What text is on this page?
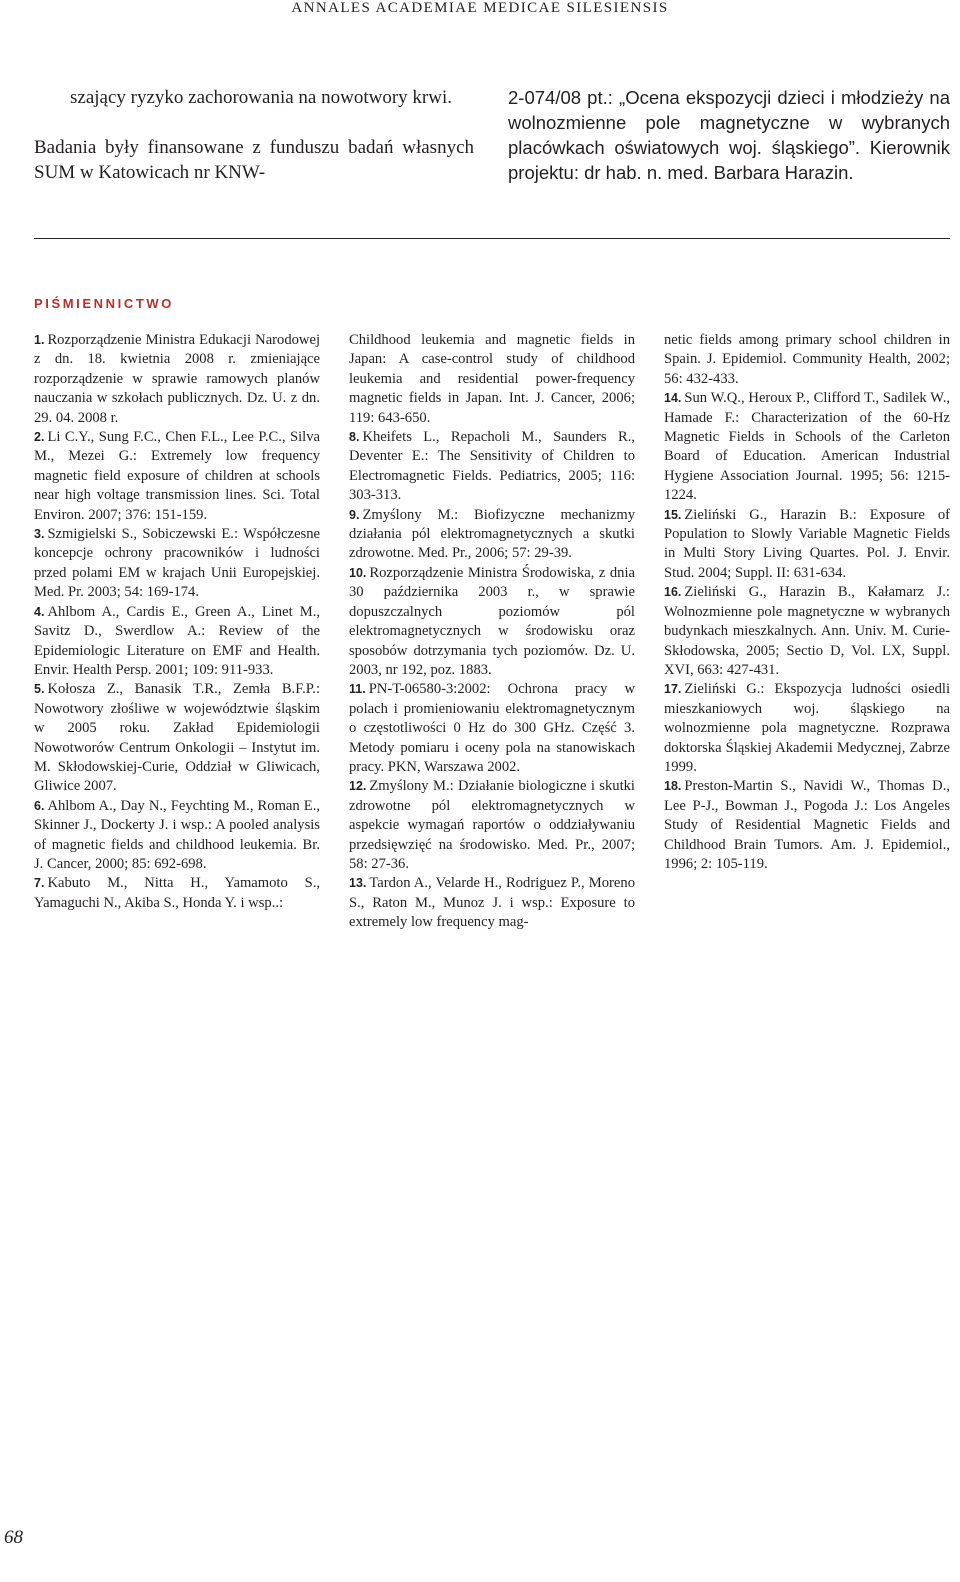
ANNALES ACADEMIAE MEDICAE SILESIENSIS

szający ryzyko zachorowania na nowotwory krwi.

Badania były finansowane z funduszu badań własnych SUM w Katowicach nr KNW-

2-074/08 pt.: „Ocena ekspozycji dzieci i młodzieży na wolnozmienne pole magnetyczne w wybranych placówkach oświatowych woj. śląskiego”. Kierownik projektu: dr hab. n. med. Barbara Harazin.

PIŚMIENNICTWO

1. Rozporządzenie Ministra Edukacji Narodowej z dn. 18. kwietnia 2008 r. zmieniające rozporządzenie w sprawie ramowych planów nauczania w szkołach publicznych. Dz. U. z dn. 29. 04. 2008 r.

2. Li C.Y., Sung F.C., Chen F.L., Lee P.C., Silva M., Mezei G.: Extremely low frequency magnetic field exposure of children at schools near high voltage transmission lines. Sci. Total Environ. 2007; 376: 151-159.

3. Szmigielski S., Sobiczewski E.: Współczesne koncepcje ochrony pracowników i ludności przed polami EM w krajach Unii Europejskiej. Med. Pr. 2003; 54: 169-174.

4. Ahlbom A., Cardis E., Green A., Linet M., Savitz D., Swerdlow A.: Review of the Epidemiologic Literature on EMF and Health. Envir. Health Persp. 2001; 109: 911-933.

5. Kołosza Z., Banasik T.R., Zemła B.F.P.: Nowotwory złośliwe w województwie śląskim w 2005 roku. Zakład Epidemiologii Nowotworów Centrum Onkologii – Instytut im. M. Skłodowskiej-Curie, Oddział w Gliwicach, Gliwice 2007.

6. Ahlbom A., Day N., Feychting M., Roman E., Skinner J., Dockerty J. i wsp.: A pooled analysis of magnetic fields and childhood leukemia. Br. J. Cancer, 2000; 85: 692-698.

7. Kabuto M., Nitta H., Yamamoto S., Yamaguchi N., Akiba S., Honda Y. i wsp..:

Childhood leukemia and magnetic fields in Japan: A case-control study of childhood leukemia and residential power-frequency magnetic fields in Japan. Int. J. Cancer, 2006; 119: 643-650.

8. Kheifets L., Repacholi M., Saunders R., Deventer E.: The Sensitivity of Children to Electromagnetic Fields. Pediatrics, 2005; 116: 303-313.

9. Zmyślony M.: Biofizyczne mechanizmy działania pól elektromagnetycznych a skutki zdrowotne. Med. Pr., 2006; 57: 29-39.

10. Rozporządzenie Ministra Środowiska, z dnia 30 października 2003 r., w sprawie dopuszczalnych poziomów pól elektromagnetycznych w środowisku oraz sposobów dotrzymania tych poziomów. Dz. U. 2003, nr 192, poz. 1883.

11. PN-T-06580-3:2002: Ochrona pracy w polach i promieniowaniu elektromagnetycznym o częstotliwości 0 Hz do 300 GHz. Część 3. Metody pomiaru i oceny pola na stanowiskach pracy. PKN, Warszawa 2002.

12. Zmyślony M.: Działanie biologiczne i skutki zdrowotne pól elektromagnetycznych w aspekcie wymagań raportów o oddziaływaniu przedsięwzięć na środowisko. Med. Pr., 2007; 58: 27-36.

13. Tardon A., Velarde H., Rodriguez P., Moreno S., Raton M., Munoz J. i wsp.: Exposure to extremely low frequency mag-

netic fields among primary school children in Spain. J. Epidemiol. Community Health, 2002; 56: 432-433.

14. Sun W.Q., Heroux P., Clifford T., Sadilek W., Hamade F.: Characterization of the 60-Hz Magnetic Fields in Schools of the Carleton Board of Education. American Industrial Hygiene Association Journal. 1995; 56: 1215-1224.

15. Zieliński G., Harazin B.: Exposure of Population to Slowly Variable Magnetic Fields in Multi Story Living Quartes. Pol. J. Envir. Stud. 2004; Suppl. II: 631-634.

16. Zieliński G., Harazin B., Kałamarz J.: Wolnozmienne pole magnetyczne w wybranych budynkach mieszkalnych. Ann. Univ. M. Curie-Skłodowska, 2005; Sectio D, Vol. LX, Suppl. XVI, 663: 427-431.

17. Zieliński G.: Ekspozycja ludności osiedli mieszkaniowych woj. śląskiego na wolnozmienne pola magnetyczne. Rozprawa doktorska Śląskiej Akademii Medycznej, Zabrze 1999.

18. Preston-Martin S., Navidi W., Thomas D., Lee P-J., Bowman J., Pogoda J.: Los Angeles Study of Residential Magnetic Fields and Childhood Brain Tumors. Am. J. Epidemiol., 1996; 2: 105-119.

68
